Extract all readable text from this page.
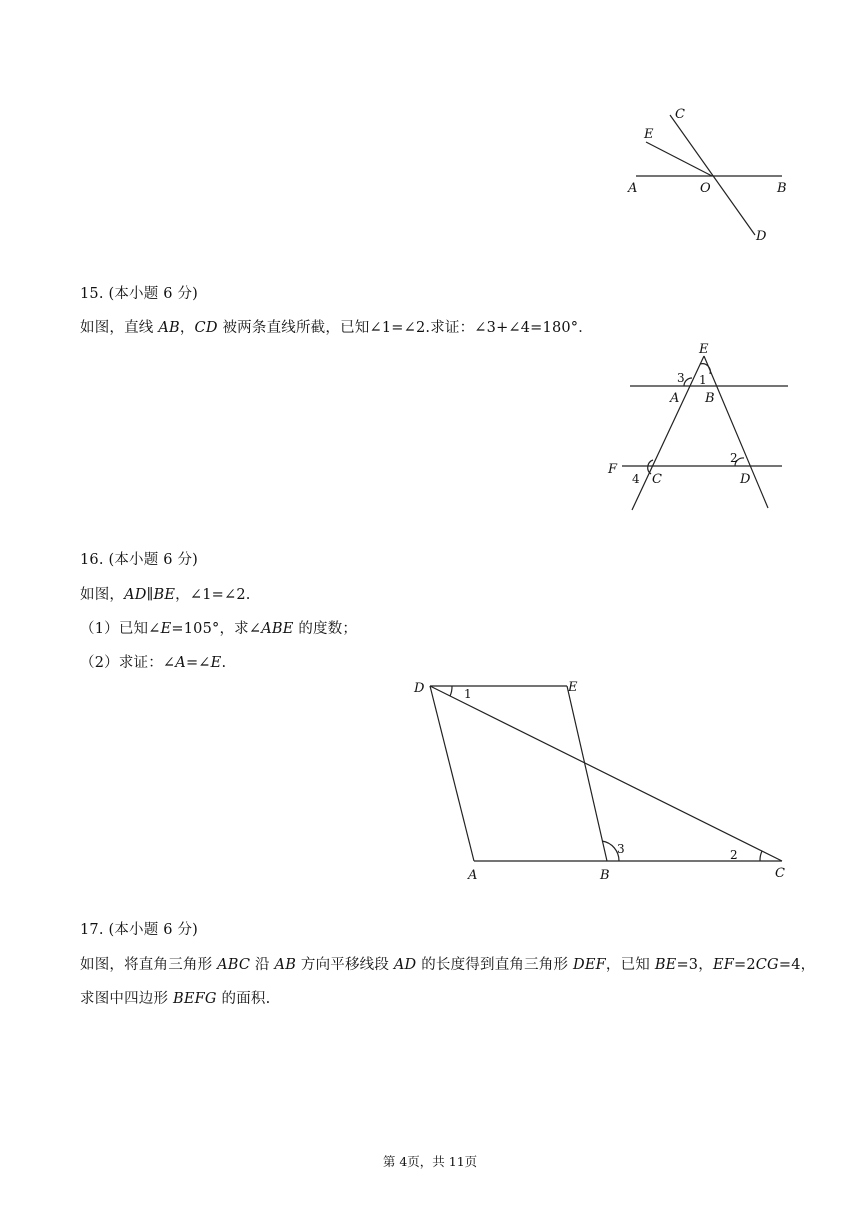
A	O	B
C
E
D
15. (本小题 6 分)
如图，直线 AB，CD 被两条直线所截，已知∠1=∠2.求证：∠3+∠4=180°．
E
A B
F
C	D
1
2
3
4
16. (本小题 6 分)
如图，AD∥BE，∠1=∠2.
（1）已知∠E=105°，求∠ABE 的度数；
（2）求证：∠A=∠E.
D	E
A	B	C
1
2
3
17. (本小题 6 分)
如图，将直角三角形 ABC 沿 AB 方向平移线段 AD 的长度得到直角三角形 DEF，已知 BE=3，EF=2CG=4，
求图中四边形 BEFG 的面积.
第 4页，共 11页
